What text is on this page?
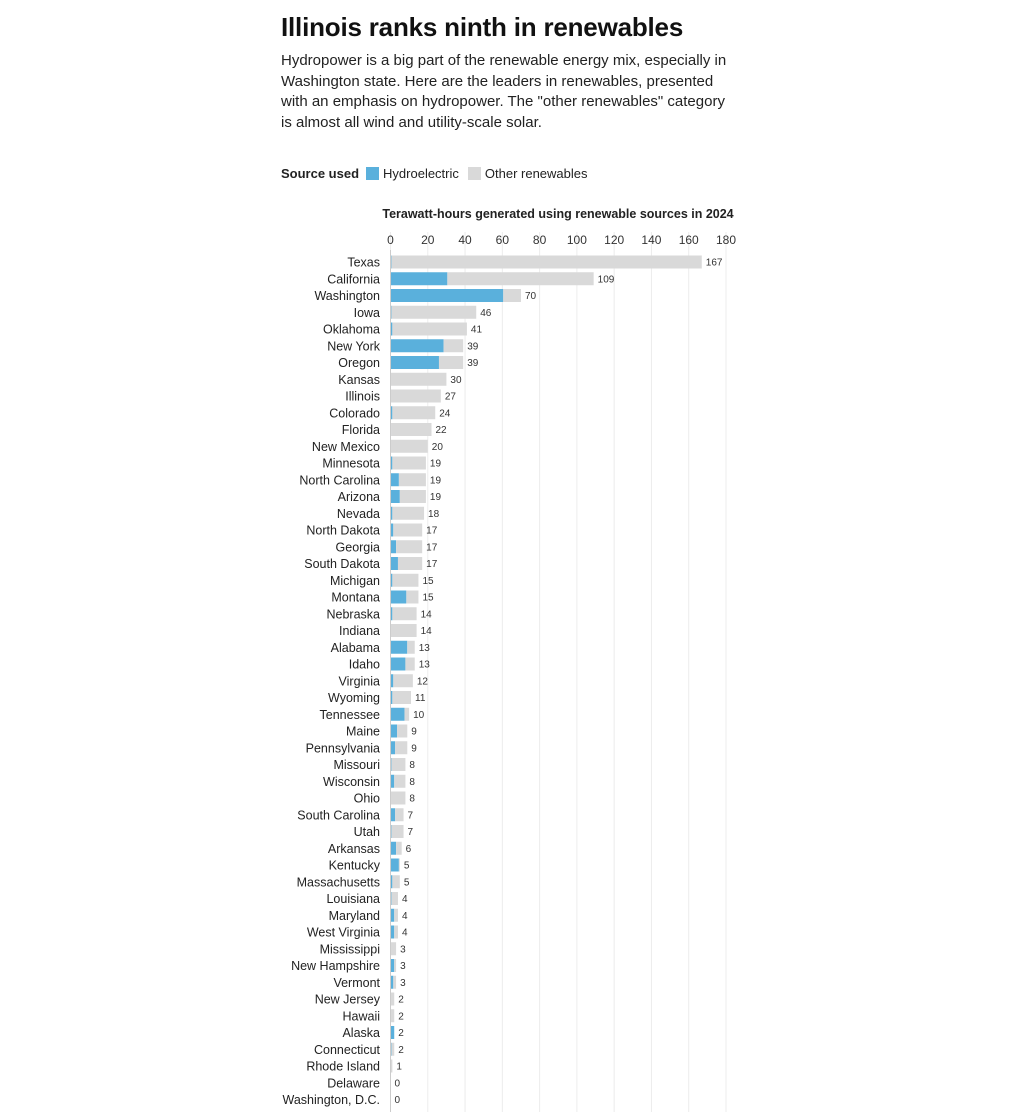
Illinois ranks ninth in renewables

Hydropower is a big part of the renewable energy mix, especially in Washington state. Here are the leaders in renewables, presented with an emphasis on hydropower. The "other renewables" category is almost all wind and utility-scale solar.

Source used Hydroelectric Other renewables
Terawatt-hours generated using renewable sources in 2024
0 20 40 60 80 100 120 140 160 180
Texas	167
California	109
Washington	70
Iowa	46
Oklahoma	41
New York	39
Oregon	39
Kansas	30
Illinois	27
Colorado	24
Florida	22
New Mexico	20
Minnesota	19
North Carolina	19
Arizona	19
Nevada	18
North Dakota	17
Georgia	17
South Dakota	17
Michigan	15
Montana	15
Nebraska	14
Indiana	14
Alabama	13
Idaho	13
Virginia	12
Wyoming	11
Tennessee	10
Maine	9
Pennsylvania	9
Missouri	8
Wisconsin	8
Ohio	8
South Carolina	7
Utah	7
Arkansas	6
Kentucky 5
Massachusetts 5
Louisiana 4
Maryland 4
West Virginia 4
Mississippi 3
New Hampshire 3
Vermont 3
New Jersey 2
Hawaii 2
Alaska 2
Connecticut 2
Rhode Island 1
Delaware 0
Washington, D.C. 0
